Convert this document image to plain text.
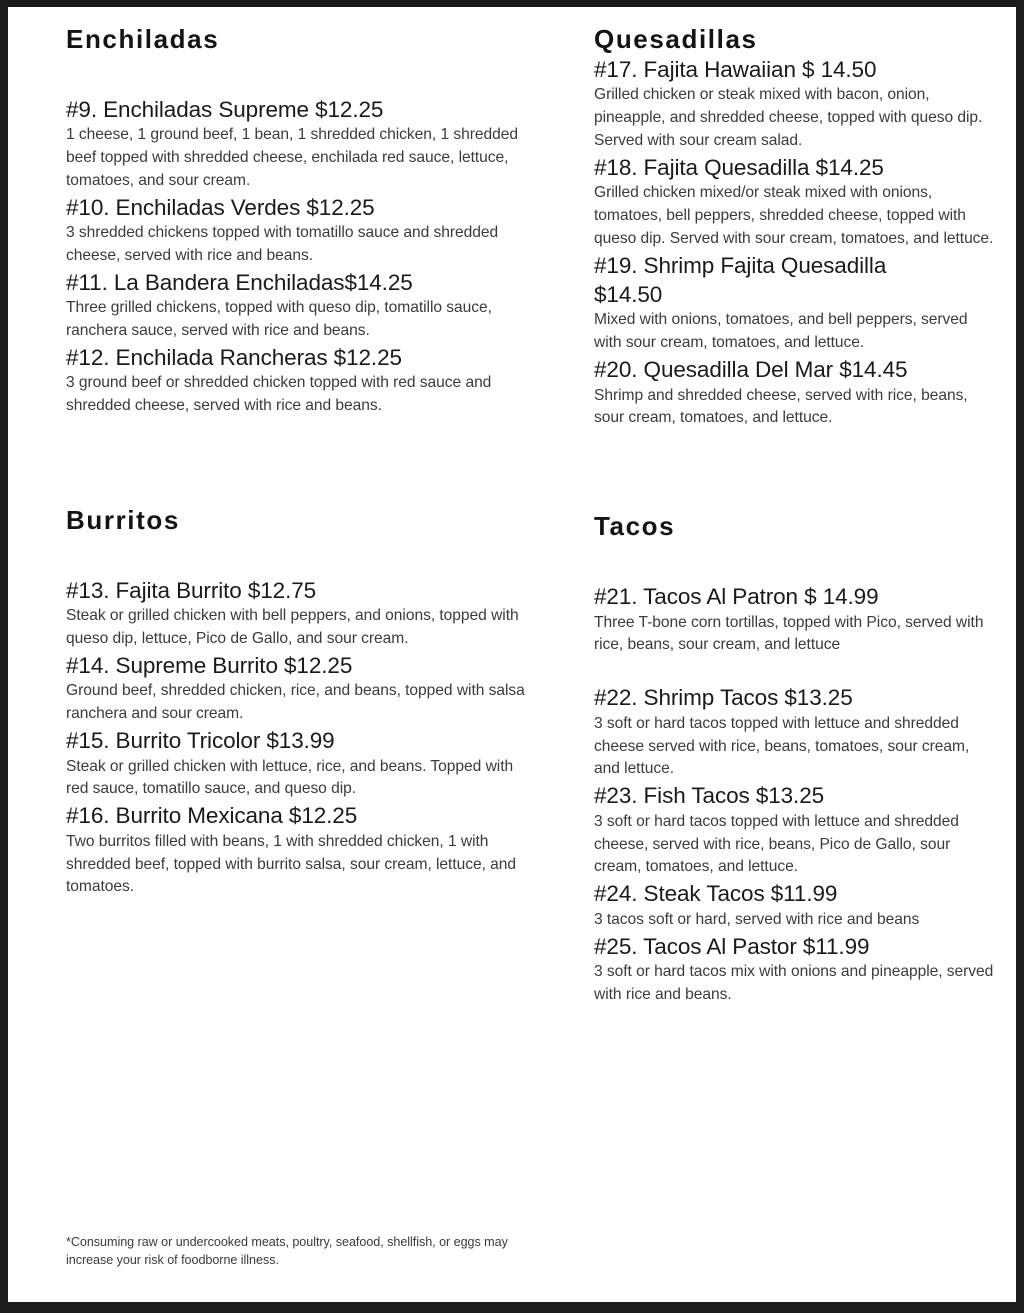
Enchiladas
#9. Enchiladas Supreme $12.25
1 cheese, 1 ground beef, 1 bean, 1 shredded chicken, 1 shredded beef topped with shredded cheese, enchilada red sauce, lettuce, tomatoes, and sour cream.
#10. Enchiladas Verdes $12.25
3 shredded chickens topped with tomatillo sauce and shredded cheese, served with rice and beans.
#11. La Bandera Enchiladas$14.25
Three grilled chickens, topped with queso dip, tomatillo sauce, ranchera sauce, served with rice and beans.
#12. Enchilada Rancheras $12.25
3 ground beef or shredded chicken topped with red sauce and shredded cheese, served with rice and beans.
Burritos
#13. Fajita Burrito $12.75
Steak or grilled chicken with bell peppers, and onions, topped with queso dip, lettuce, Pico de Gallo, and sour cream.
#14. Supreme Burrito $12.25
Ground beef, shredded chicken, rice, and beans, topped with salsa ranchera and sour cream.
#15. Burrito Tricolor $13.99
Steak or grilled chicken with lettuce, rice, and beans. Topped with red sauce, tomatillo sauce, and queso dip.
#16. Burrito Mexicana $12.25
Two burritos filled with beans, 1 with shredded chicken, 1 with shredded beef, topped with burrito salsa, sour cream, lettuce, and tomatoes.
Quesadillas
#17. Fajita Hawaiian $ 14.50
Grilled chicken or steak mixed with bacon, onion, pineapple, and shredded cheese, topped with queso dip. Served with sour cream salad.
#18. Fajita Quesadilla $14.25
Grilled chicken mixed/or steak mixed with onions, tomatoes, bell peppers, shredded cheese, topped with queso dip. Served with sour cream, tomatoes, and lettuce.
#19. Shrimp Fajita Quesadilla $14.50
Mixed with onions, tomatoes, and bell peppers, served with sour cream, tomatoes, and lettuce.
#20. Quesadilla Del Mar $14.45
Shrimp and shredded cheese, served with rice, beans, sour cream, tomatoes, and lettuce.
Tacos
#21. Tacos Al Patron $ 14.99
Three T-bone corn tortillas, topped with Pico, served with rice, beans, sour cream, and lettuce
#22. Shrimp Tacos $13.25
3 soft or hard tacos topped with lettuce and shredded cheese served with rice, beans, tomatoes, sour cream, and lettuce.
#23. Fish Tacos $13.25
3 soft or hard tacos topped with lettuce and shredded cheese, served with rice, beans, Pico de Gallo, sour cream, tomatoes, and lettuce.
#24. Steak Tacos $11.99
3 tacos soft or hard, served with rice and beans
#25. Tacos Al Pastor $11.99
3 soft or hard tacos mix with onions and pineapple, served with rice and beans.
*Consuming raw or undercooked meats, poultry, seafood, shellfish, or eggs may increase your risk of foodborne illness.
